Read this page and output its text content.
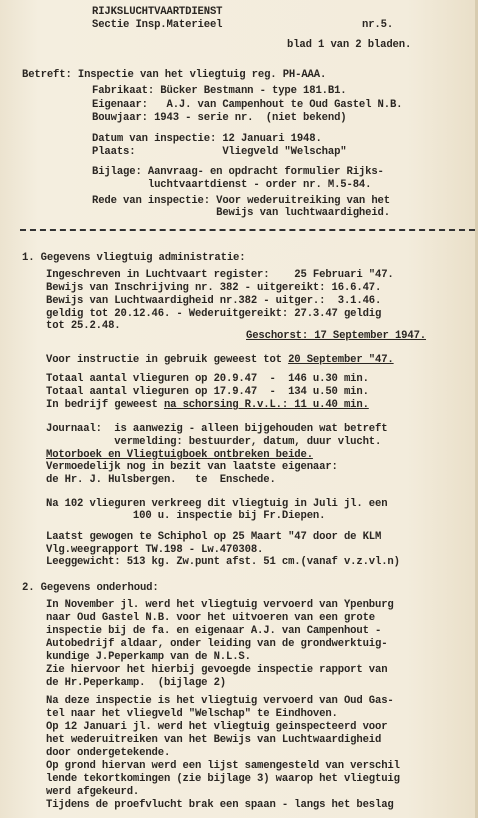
RIJKSLUCHTVAARTDIENST
Sectie Insp.Materieel	nr.5.
blad 1 van 2 bladen.
Betreft: Inspectie van het vliegtuig reg. PH-AAA.
Fabrikaat: Bücker Bestmann - type 181.B1.
Eigenaar:   A.J. van Campenhout te Oud Gastel N.B.
Bouwjaar: 1943 - serie nr.  (niet bekend)
Datum van inspectie: 12 Januari 1948.
Plaats:              Vliegveld "Welschap"
Bijlage: Aanvraag- en opdracht formulier Rijks-
luchtvaartdienst - order nr. M.5-84.
Rede van inspectie: Voor wederuitreiking van het
Bewijs van luchtwaardigheid.
1. Gegevens vliegtuig administratie:
Ingeschreven in Luchtvaart register:    25 Februari "47.
Bewijs van Inschrijving nr. 382 - uitgereikt: 16.6.47.
Bewijs van Luchtwaardigheid nr.382 - uitger.:  3.1.46.
geldig tot 20.12.46. - Wederuitgereikt: 27.3.47 geldig
tot 25.2.48.
Geschorst: 17 September 1947.
Voor instructie in gebruik geweest tot 20 September "47.
Totaal aantal vlieguren op 20.9.47  -  146 u.30 min.
Totaal aantal vlieguren op 17.9.47  -  134 u.50 min.
In bedrijf geweest na schorsing R.v.L.: 11 u.40 min.
Journaal:  is aanwezig - alleen bijgehouden wat betreft
vermelding: bestuurder, datum, duur vlucht.
Motorboek en Vliegtuigboek ontbreken beide.
Vermoedelijk nog in bezit van laatste eigenaar:
de Hr. J. Hulsbergen.   te  Enschede.
Na 102 vlieguren verkreeg dit vliegtuig in Juli jl. een
100 u. inspectie bij Fr.Diepen.
Laatst gewogen te Schiphol op 25 Maart "47 door de KLM
Vlg.weegrapport TW.198 - Lw.470308.
Leeggewicht: 513 kg. Zw.punt afst. 51 cm.(vanaf v.z.vl.n)
2. Gegevens onderhoud:
In November jl. werd het vliegtuig vervoerd van Ypenburg
naar Oud Gastel N.B. voor het uitvoeren van een grote
inspectie bij de fa. en eigenaar A.J. van Campenhout -
Autobedrijf aldaar, onder leiding van de grondwerktuig-
kundige J.Peperkamp van de N.L.S.
Zie hiervoor het hierbij gevoegde inspectie rapport van
de Hr.Peperkamp.  (bijlage 2)
Na deze inspectie is het vliegtuig vervoerd van Oud Gas-
tel naar het vliegveld "Welschap" te Eindhoven.
Op 12 Januari jl. werd het vliegtuig geinspecteerd voor
het wederuitreiken van het Bewijs van Luchtwaardigheid
door ondergetekende.
Op grond hiervan werd een lijst samengesteld van verschil
lende tekortkomingen (zie bijlage 3) waarop het vliegtuig
werd afgekeurd.
Tijdens de proefvlucht brak een spaan - langs het beslag
